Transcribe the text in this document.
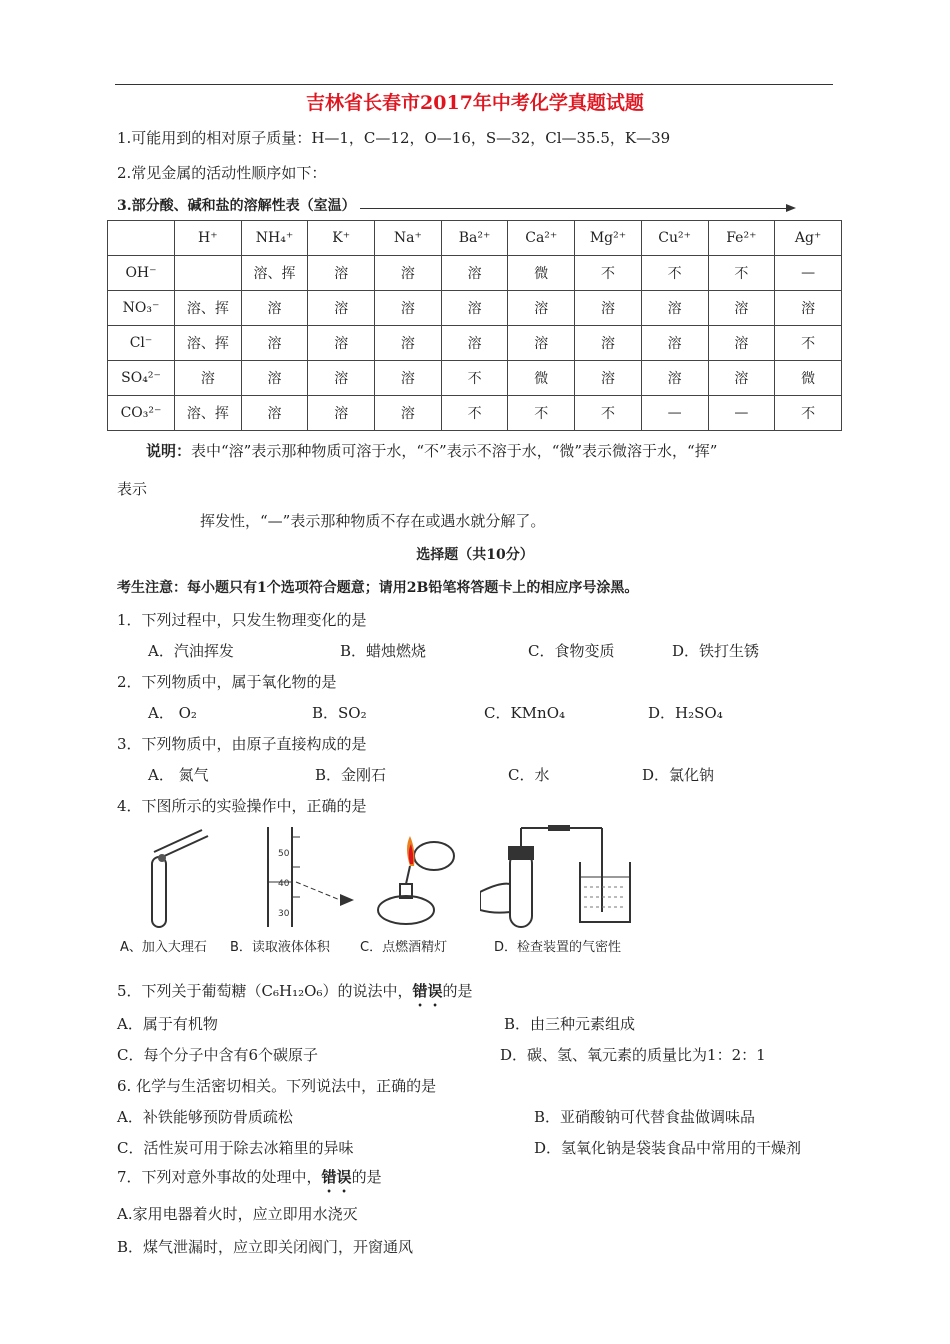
吉林省长春市2017年中考化学真题试题
1.可能用到的相对原子质量：H—1，C—12，O—16，S—32，Cl—35.5，K—39
2.常见金属的活动性顺序如下：
3.部分酸、碱和盐的溶解性表（室温）
	H⁺	NH₄⁺	K⁺	Na⁺	Ba²⁺	Ca²⁺	Mg²⁺	Cu²⁺	Fe²⁺	Ag⁺
OH⁻		溶、挥	溶	溶	溶	微	不	不	不	—
NO₃⁻	溶、挥	溶	溶	溶	溶	溶	溶	溶	溶	溶
Cl⁻	溶、挥	溶	溶	溶	溶	溶	溶	溶	溶	不
SO₄²⁻	溶	溶	溶	溶	不	微	溶	溶	溶	微
CO₃²⁻	溶、挥	溶	溶	溶	不	不	不	—	—	不
说明：表中“溶”表示那种物质可溶于水，“不”表示不溶于水，“微”表示微溶于水，“挥”
表示
挥发性，“—”表示那种物质不存在或遇水就分解了。
选择题（共10分）
考生注意：每小题只有1个选项符合题意；请用2B铅笔将答题卡上的相应序号涂黑。
1．下列过程中，只发生物理变化的是
A．汽油挥发	B．蜡烛燃烧	C．食物变质	D．铁打生锈
2．下列物质中，属于氧化物的是
A． O₂	B．SO₂	C．KMnO₄	D．H₂SO₄
3．下列物质中，由原子直接构成的是
A． 氮气	B．金刚石	C．水	D．氯化钠
4．下图所示的实验操作中，正确的是
50
40
30
A、加入大理石 B．读取液体体积 C．点燃酒精灯	D．检查装置的气密性
5．下列关于葡萄糖（C₆H₁₂O₆）的说法中，错误的是
A．属于有机物	B．由三种元素组成
C．每个分子中含有6个碳原子	D．碳、氢、氧元素的质量比为1：2：1
6. 化学与生活密切相关。下列说法中，正确的是
A．补铁能够预防骨质疏松	B．亚硝酸钠可代替食盐做调味品
C．活性炭可用于除去冰箱里的异味	D．氢氧化钠是袋装食品中常用的干燥剂
7．下列对意外事故的处理中，错误的是
A.家用电器着火时，应立即用水浇灭
B．煤气泄漏时，应立即关闭阀门，开窗通风
